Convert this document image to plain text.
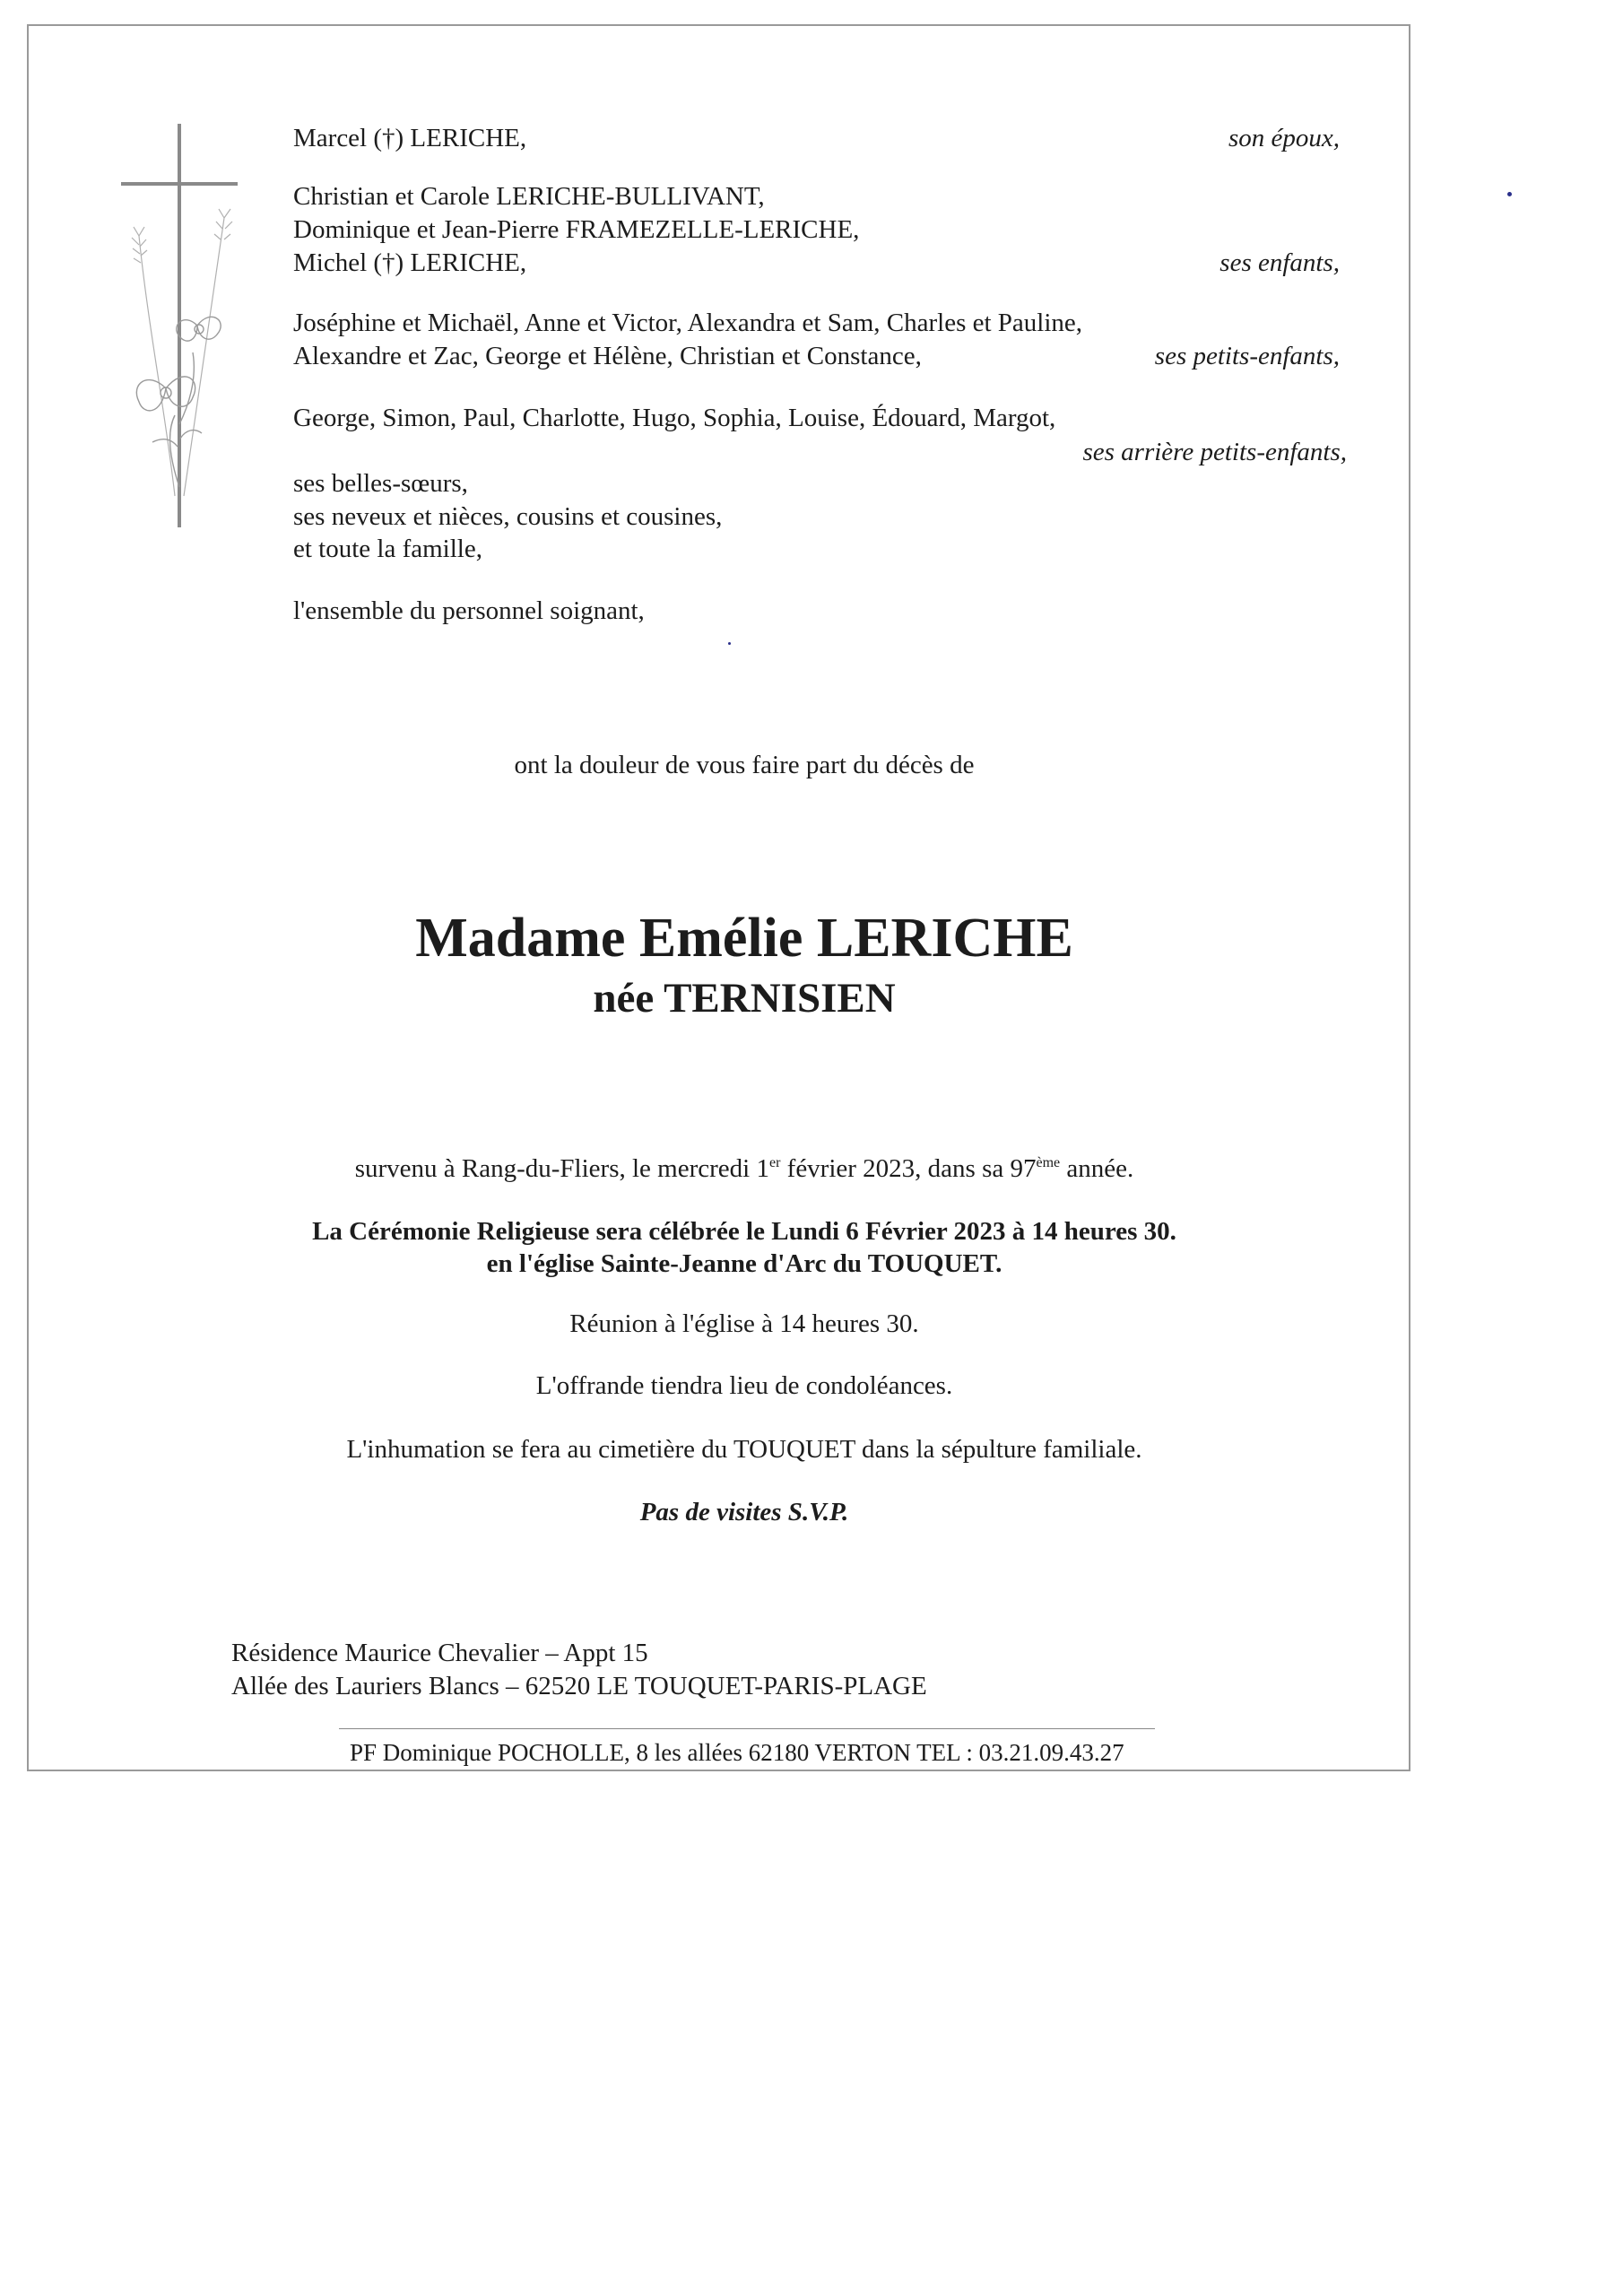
Marcel (†) LERICHE,	son époux,
Christian et Carole LERICHE-BULLIVANT,
Dominique et Jean-Pierre FRAMEZELLE-LERICHE,
Michel (†) LERICHE,	ses enfants,
Joséphine et Michaël, Anne et Victor, Alexandra et Sam, Charles et Pauline,
Alexandre et Zac, George et Hélène, Christian et Constance,	ses petits-enfants,
George, Simon, Paul, Charlotte, Hugo, Sophia, Louise, Édouard, Margot,
ses arrière petits-enfants,
ses belles-sœurs,
ses neveux et nièces, cousins et cousines,
et toute la famille,
l'ensemble du personnel soignant,
ont la douleur de vous faire part du décès de
Madame Emélie LERICHE
née TERNISIEN
survenu à Rang-du-Fliers, le mercredi 1er février 2023, dans sa 97ème année.
La Cérémonie Religieuse sera célébrée le Lundi 6 Février 2023 à 14 heures 30.
en l'église Sainte-Jeanne d'Arc du TOUQUET.
Réunion à l'église à 14 heures 30.
L'offrande tiendra lieu de condoléances.
L'inhumation se fera au cimetière du TOUQUET dans la sépulture familiale.
Pas de visites S.V.P.
Résidence Maurice Chevalier – Appt 15
Allée des Lauriers Blancs – 62520 LE TOUQUET-PARIS-PLAGE
PF Dominique POCHOLLE, 8 les allées 62180 VERTON TEL : 03.21.09.43.27
